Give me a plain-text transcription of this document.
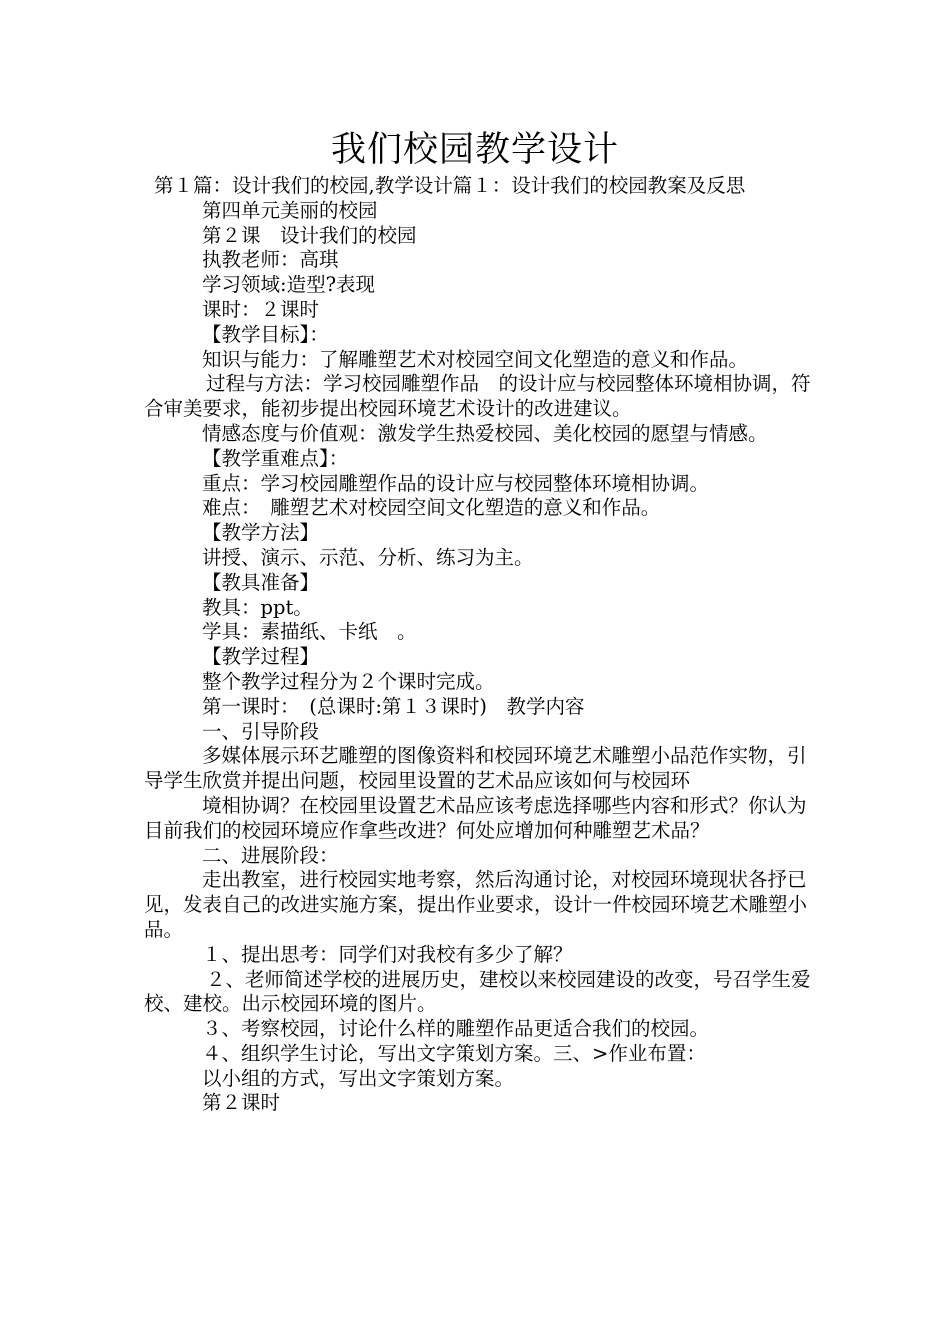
我们校园教学设计

第１篇：设计我们的校园,教学设计篇１：设计我们的校园教案及反思

第四单元美丽的校园

第２课　设计我们的校园

执教老师：高琪

学习领域:造型?表现

课时：２课时

【教学目标】：

知识与能力：了解雕塑艺术对校园空间文化塑造的意义和作品。

过程与方法：学习校园雕塑作品　的设计应与校园整体环境相协调，符合审美要求，能初步提出校园环境艺术设计的改进建议。

情感态度与价值观：激发学生热爱校园、美化校园的愿望与情感。

【教学重难点】：

重点：学习校园雕塑作品的设计应与校园整体环境相协调。

难点：　雕塑艺术对校园空间文化塑造的意义和作品。

【教学方法】

讲授、演示、示范、分析、练习为主。

【教具准备】

教具：ppt。

学具：素描纸、卡纸　。

【教学过程】

整个教学过程分为２个课时完成。

第一课时：　(总课时:第１３课时)　教学内容

一、引导阶段

多媒体展示环艺雕塑的图像资料和校园环境艺术雕塑小品范作实物，引导学生欣赏并提出问题，校园里设置的艺术品应该如何与校园环

境相协调？在校园里设置艺术品应该考虑选择哪些内容和形式？你认为目前我们的校园环境应作拿些改进？何处应增加何种雕塑艺术品？

二、进展阶段：

走出教室，进行校园实地考察，然后沟通讨论，对校园环境现状各抒已见，发表自己的改进实施方案，提出作业要求，设计一件校园环境艺术雕塑小品。

１、提出思考：同学们对我校有多少了解？

２、老师简述学校的进展历史，建校以来校园建设的改变，号召学生爱校、建校。出示校园环境的图片。

３、考察校园，讨论什么样的雕塑作品更适合我们的校园。

４、组织学生讨论，写出文字策划方案。三、>作业布置：

以小组的方式，写出文字策划方案。

第２课时
